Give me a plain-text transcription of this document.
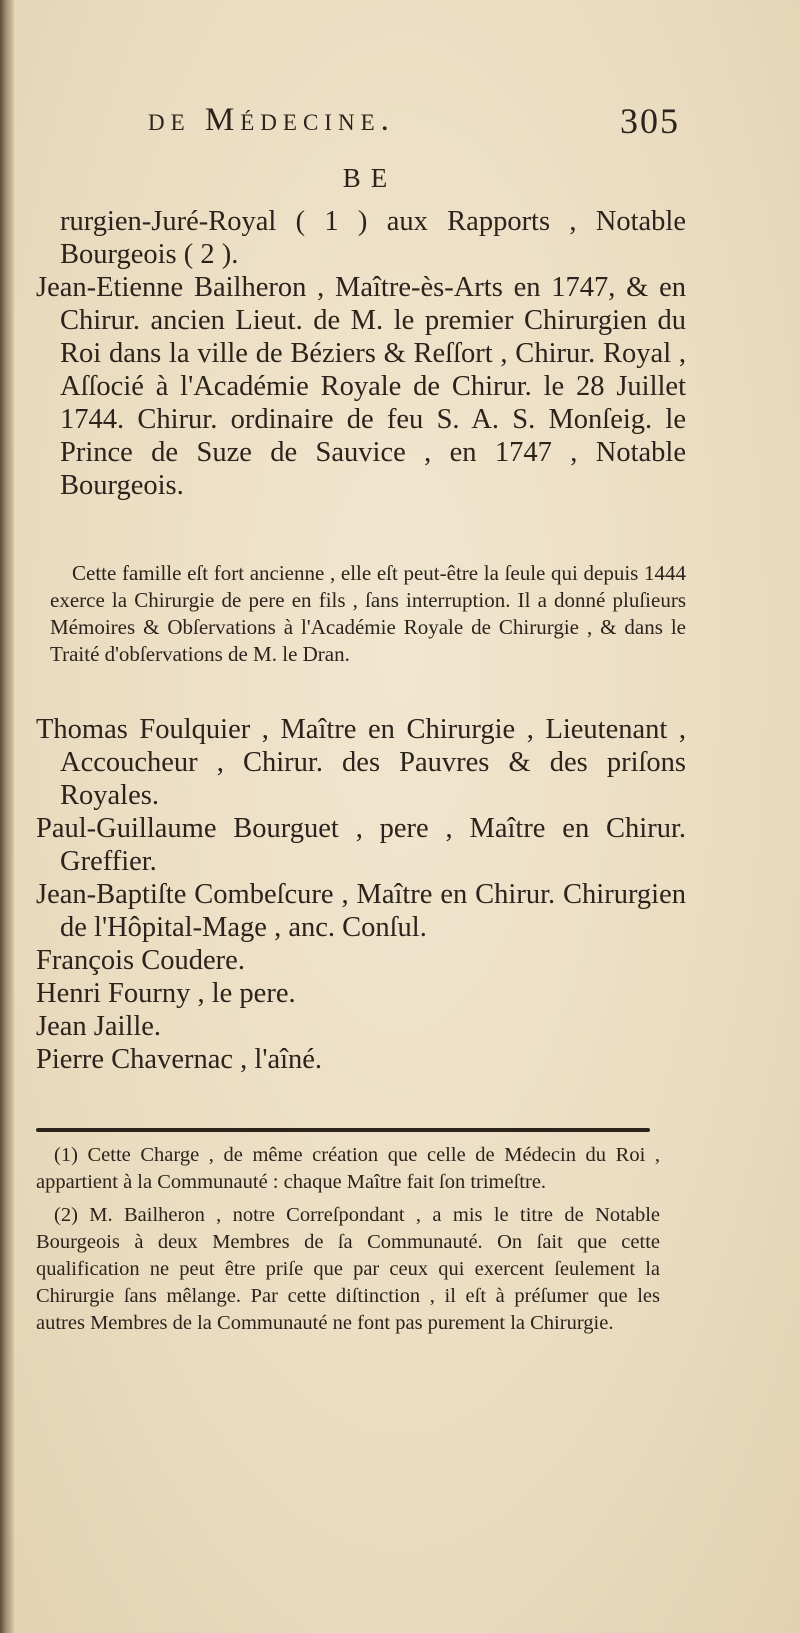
de Médecine.	305
BE

rurgien-Juré-Royal ( 1 ) aux Rapports , Notable Bourgeois ( 2 ).

Jean-Etienne Bailheron , Maître-ès-Arts en 1747, & en Chirur. ancien Lieut. de M. le premier Chirurgien du Roi dans la ville de Béziers & Reſſort , Chirur. Royal , Aſſocié à l'Académie Royale de Chirur. le 28 Juillet 1744. Chirur. ordinaire de feu S. A. S. Monſeig. le Prince de Suze de Sauvice , en 1747 , Notable Bourgeois.

Cette famille eſt fort ancienne , elle eſt peut-être la ſeule qui depuis 1444 exerce la Chirurgie de pere en fils , ſans interruption. Il a donné pluſieurs Mémoires & Obſervations à l'Académie Royale de Chirurgie , & dans le Traité d'obſervations de M. le Dran.

Thomas Foulquier , Maître en Chirurgie , Lieutenant , Accoucheur , Chirur. des Pauvres & des priſons Royales.

Paul-Guillaume Bourguet , pere , Maître en Chirur. Greffier.

Jean-Baptiſte Combeſcure , Maître en Chirur. Chirurgien de l'Hôpital-Mage , anc. Conſul.

François Coudere.

Henri Fourny , le pere.

Jean Jaille.

Pierre Chavernac , l'aîné.

(1) Cette Charge , de même création que celle de Médecin du Roi , appartient à la Communauté : chaque Maître fait ſon trimeſtre.

(2) M. Bailheron , notre Correſpondant , a mis le titre de Notable Bourgeois à deux Membres de ſa Communauté. On ſait que cette qualification ne peut être priſe que par ceux qui exercent ſeulement la Chirurgie ſans mêlange. Par cette diſtinction , il eſt à préſumer que les autres Membres de la Communauté ne font pas purement la Chirurgie.
